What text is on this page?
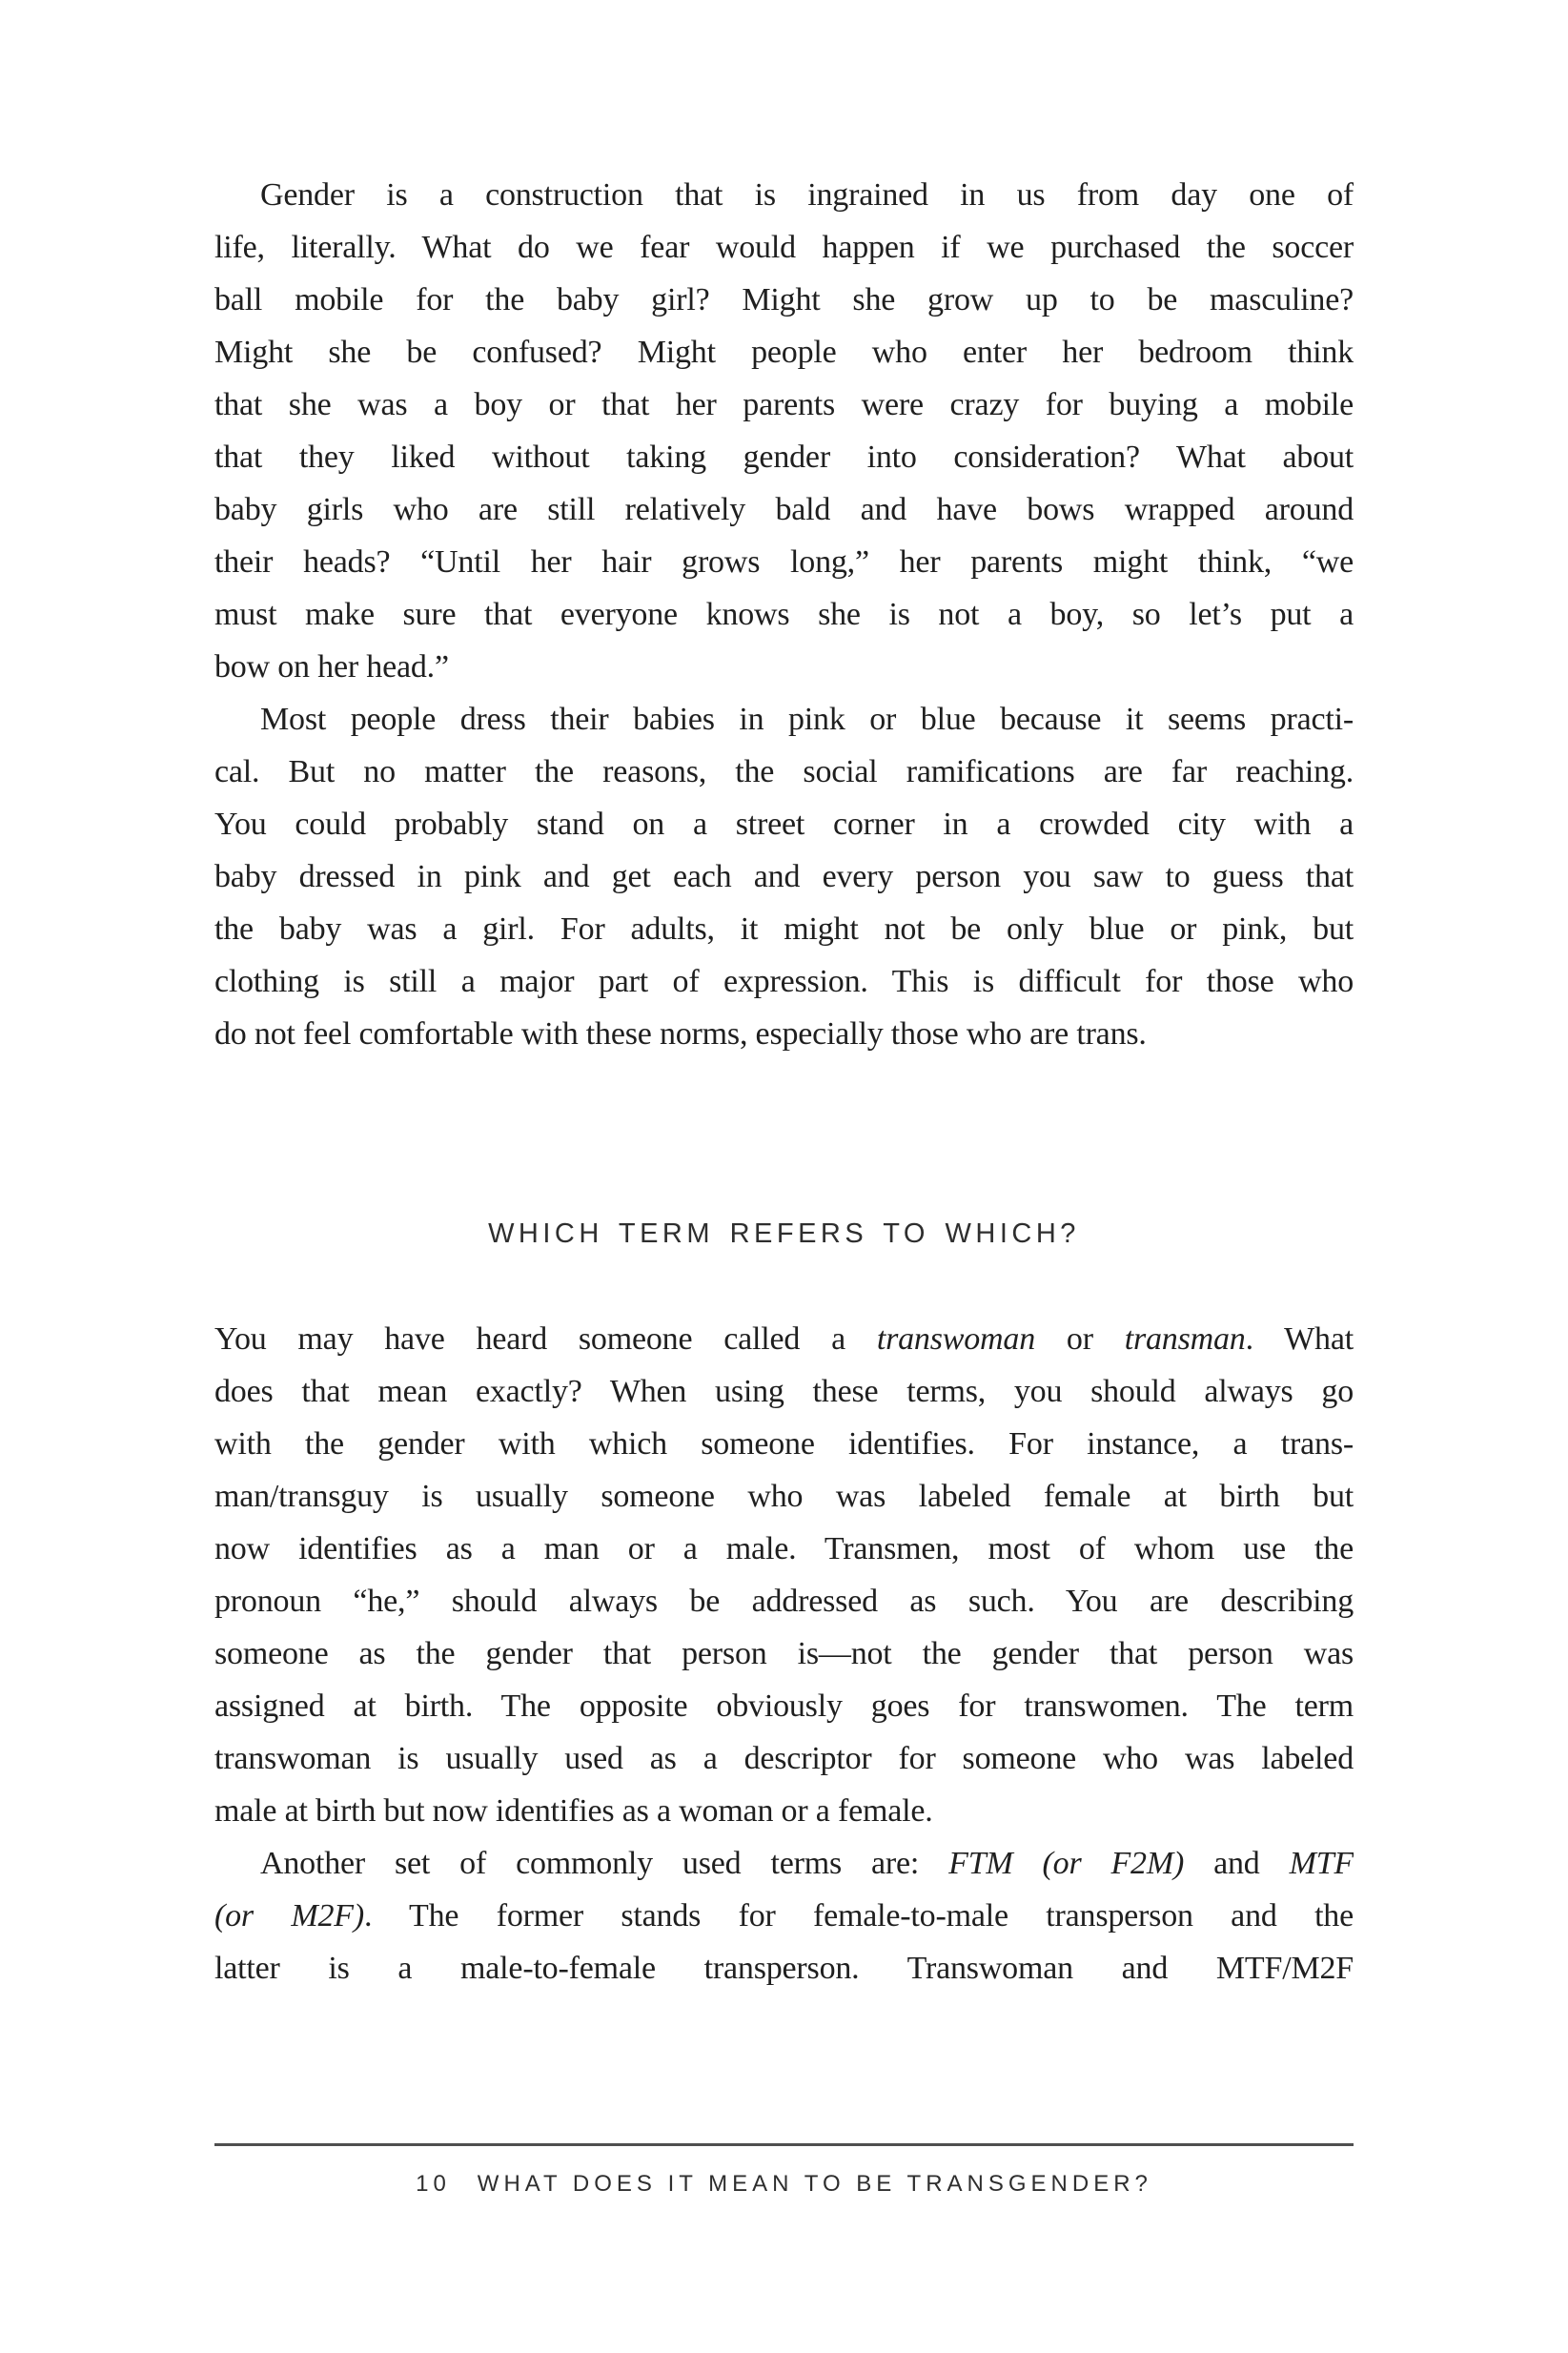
Gender is a construction that is ingrained in us from day one of
life, literally. What do we fear would happen if we purchased the soccer
ball mobile for the baby girl? Might she grow up to be masculine?
Might she be confused? Might people who enter her bedroom think
that she was a boy or that her parents were crazy for buying a mobile
that they liked without taking gender into consideration? What about
baby girls who are still relatively bald and have bows wrapped around
their heads? “Until her hair grows long,” her parents might think, “we
must make sure that everyone knows she is not a boy, so let’s put a
bow on her head.”
Most people dress their babies in pink or blue because it seems practi-
cal. But no matter the reasons, the social ramifications are far reaching.
You could probably stand on a street corner in a crowded city with a
baby dressed in pink and get each and every person you saw to guess that
the baby was a girl. For adults, it might not be only blue or pink, but
clothing is still a major part of expression. This is difficult for those who
do not feel comfortable with these norms, especially those who are trans.
WHICH TERM REFERS TO WHICH?
You may have heard someone called a transwoman or transman. What
does that mean exactly? When using these terms, you should always go
with the gender with which someone identifies. For instance, a trans-
man/transguy is usually someone who was labeled female at birth but
now identifies as a man or a male. Transmen, most of whom use the
pronoun “he,” should always be addressed as such. You are describing
someone as the gender that person is—not the gender that person was
assigned at birth. The opposite obviously goes for transwomen. The term
transwoman is usually used as a descriptor for someone who was labeled
male at birth but now identifies as a woman or a female.
Another set of commonly used terms are: FTM (or F2M) and MTF
(or M2F). The former stands for female-to-male transperson and the
latter is a male-to-female transperson. Transwoman and MTF/M2F
10 WHAT DOES IT MEAN TO BE TRANSGENDER?
